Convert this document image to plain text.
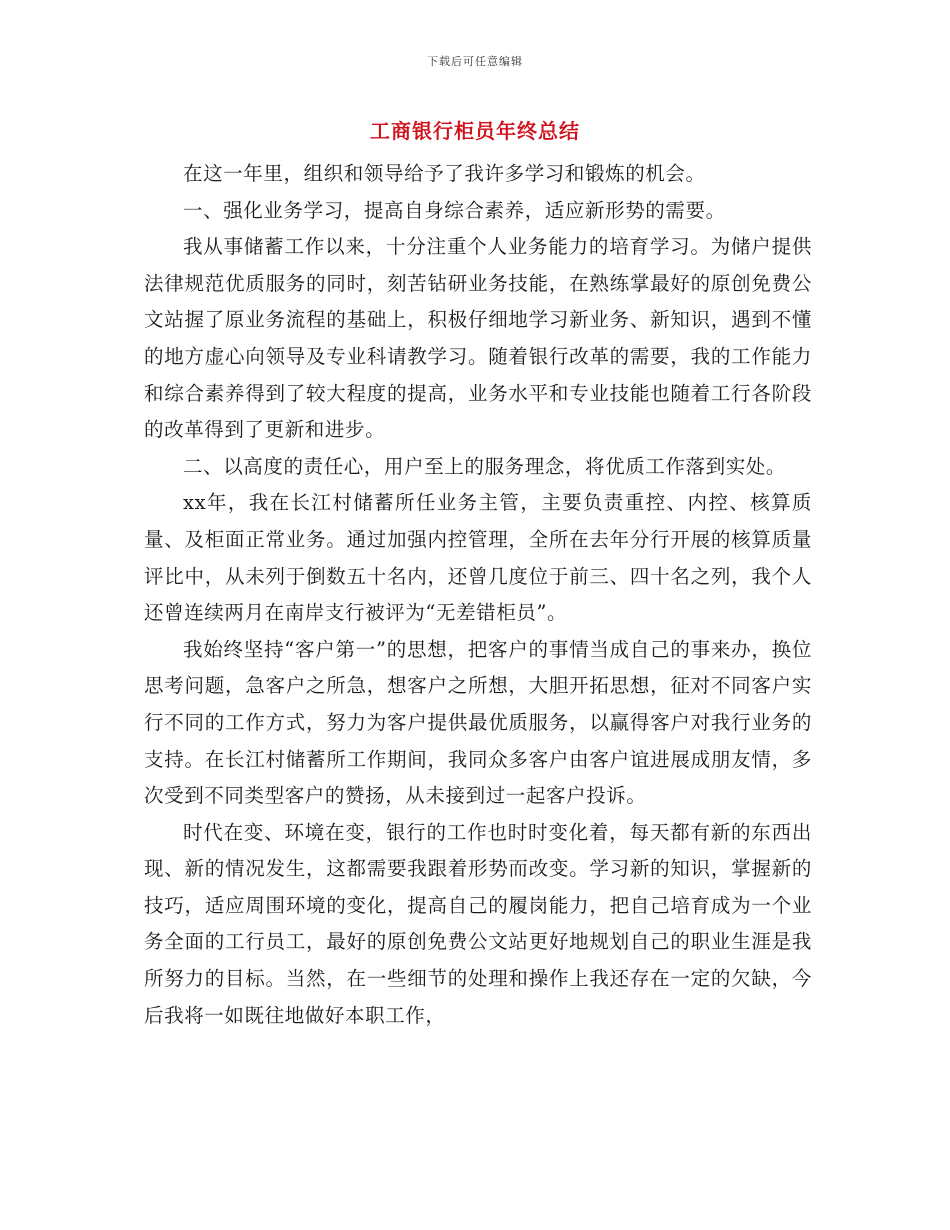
下载后可任意编辑
工商银行柜员年终总结

在这一年里，组织和领导给予了我许多学习和锻炼的机会。

一、强化业务学习，提高自身综合素养，适应新形势的需要。

我从事储蓄工作以来，十分注重个人业务能力的培育学习。为储户提供法律规范优质服务的同时，刻苦钻研业务技能，在熟练掌最好的原创免费公文站握了原业务流程的基础上，积极仔细地学习新业务、新知识，遇到不懂的地方虚心向领导及专业科请教学习。随着银行改革的需要，我的工作能力和综合素养得到了较大程度的提高，业务水平和专业技能也随着工行各阶段的改革得到了更新和进步。

二、以高度的责任心，用户至上的服务理念，将优质工作落到实处。

xx年，我在长江村储蓄所任业务主管，主要负责重控、内控、核算质量、及柜面正常业务。通过加强内控管理，全所在去年分行开展的核算质量评比中，从未列于倒数五十名内，还曾几度位于前三、四十名之列，我个人还曾连续两月在南岸支行被评为“无差错柜员”。

我始终坚持“客户第一”的思想，把客户的事情当成自己的事来办，换位思考问题，急客户之所急，想客户之所想，大胆开拓思想，征对不同客户实行不同的工作方式，努力为客户提供最优质服务，以赢得客户对我行业务的支持。在长江村储蓄所工作期间，我同众多客户由客户谊进展成朋友情，多次受到不同类型客户的赞扬，从未接到过一起客户投诉。

时代在变、环境在变，银行的工作也时时变化着，每天都有新的东西出现、新的情况发生，这都需要我跟着形势而改变。学习新的知识，掌握新的技巧，适应周围环境的变化，提高自己的履岗能力，把自己培育成为一个业务全面的工行员工，最好的原创免费公文站更好地规划自己的职业生涯是我所努力的目标。当然，在一些细节的处理和操作上我还存在一定的欠缺，今后我将一如既往地做好本职工作，
